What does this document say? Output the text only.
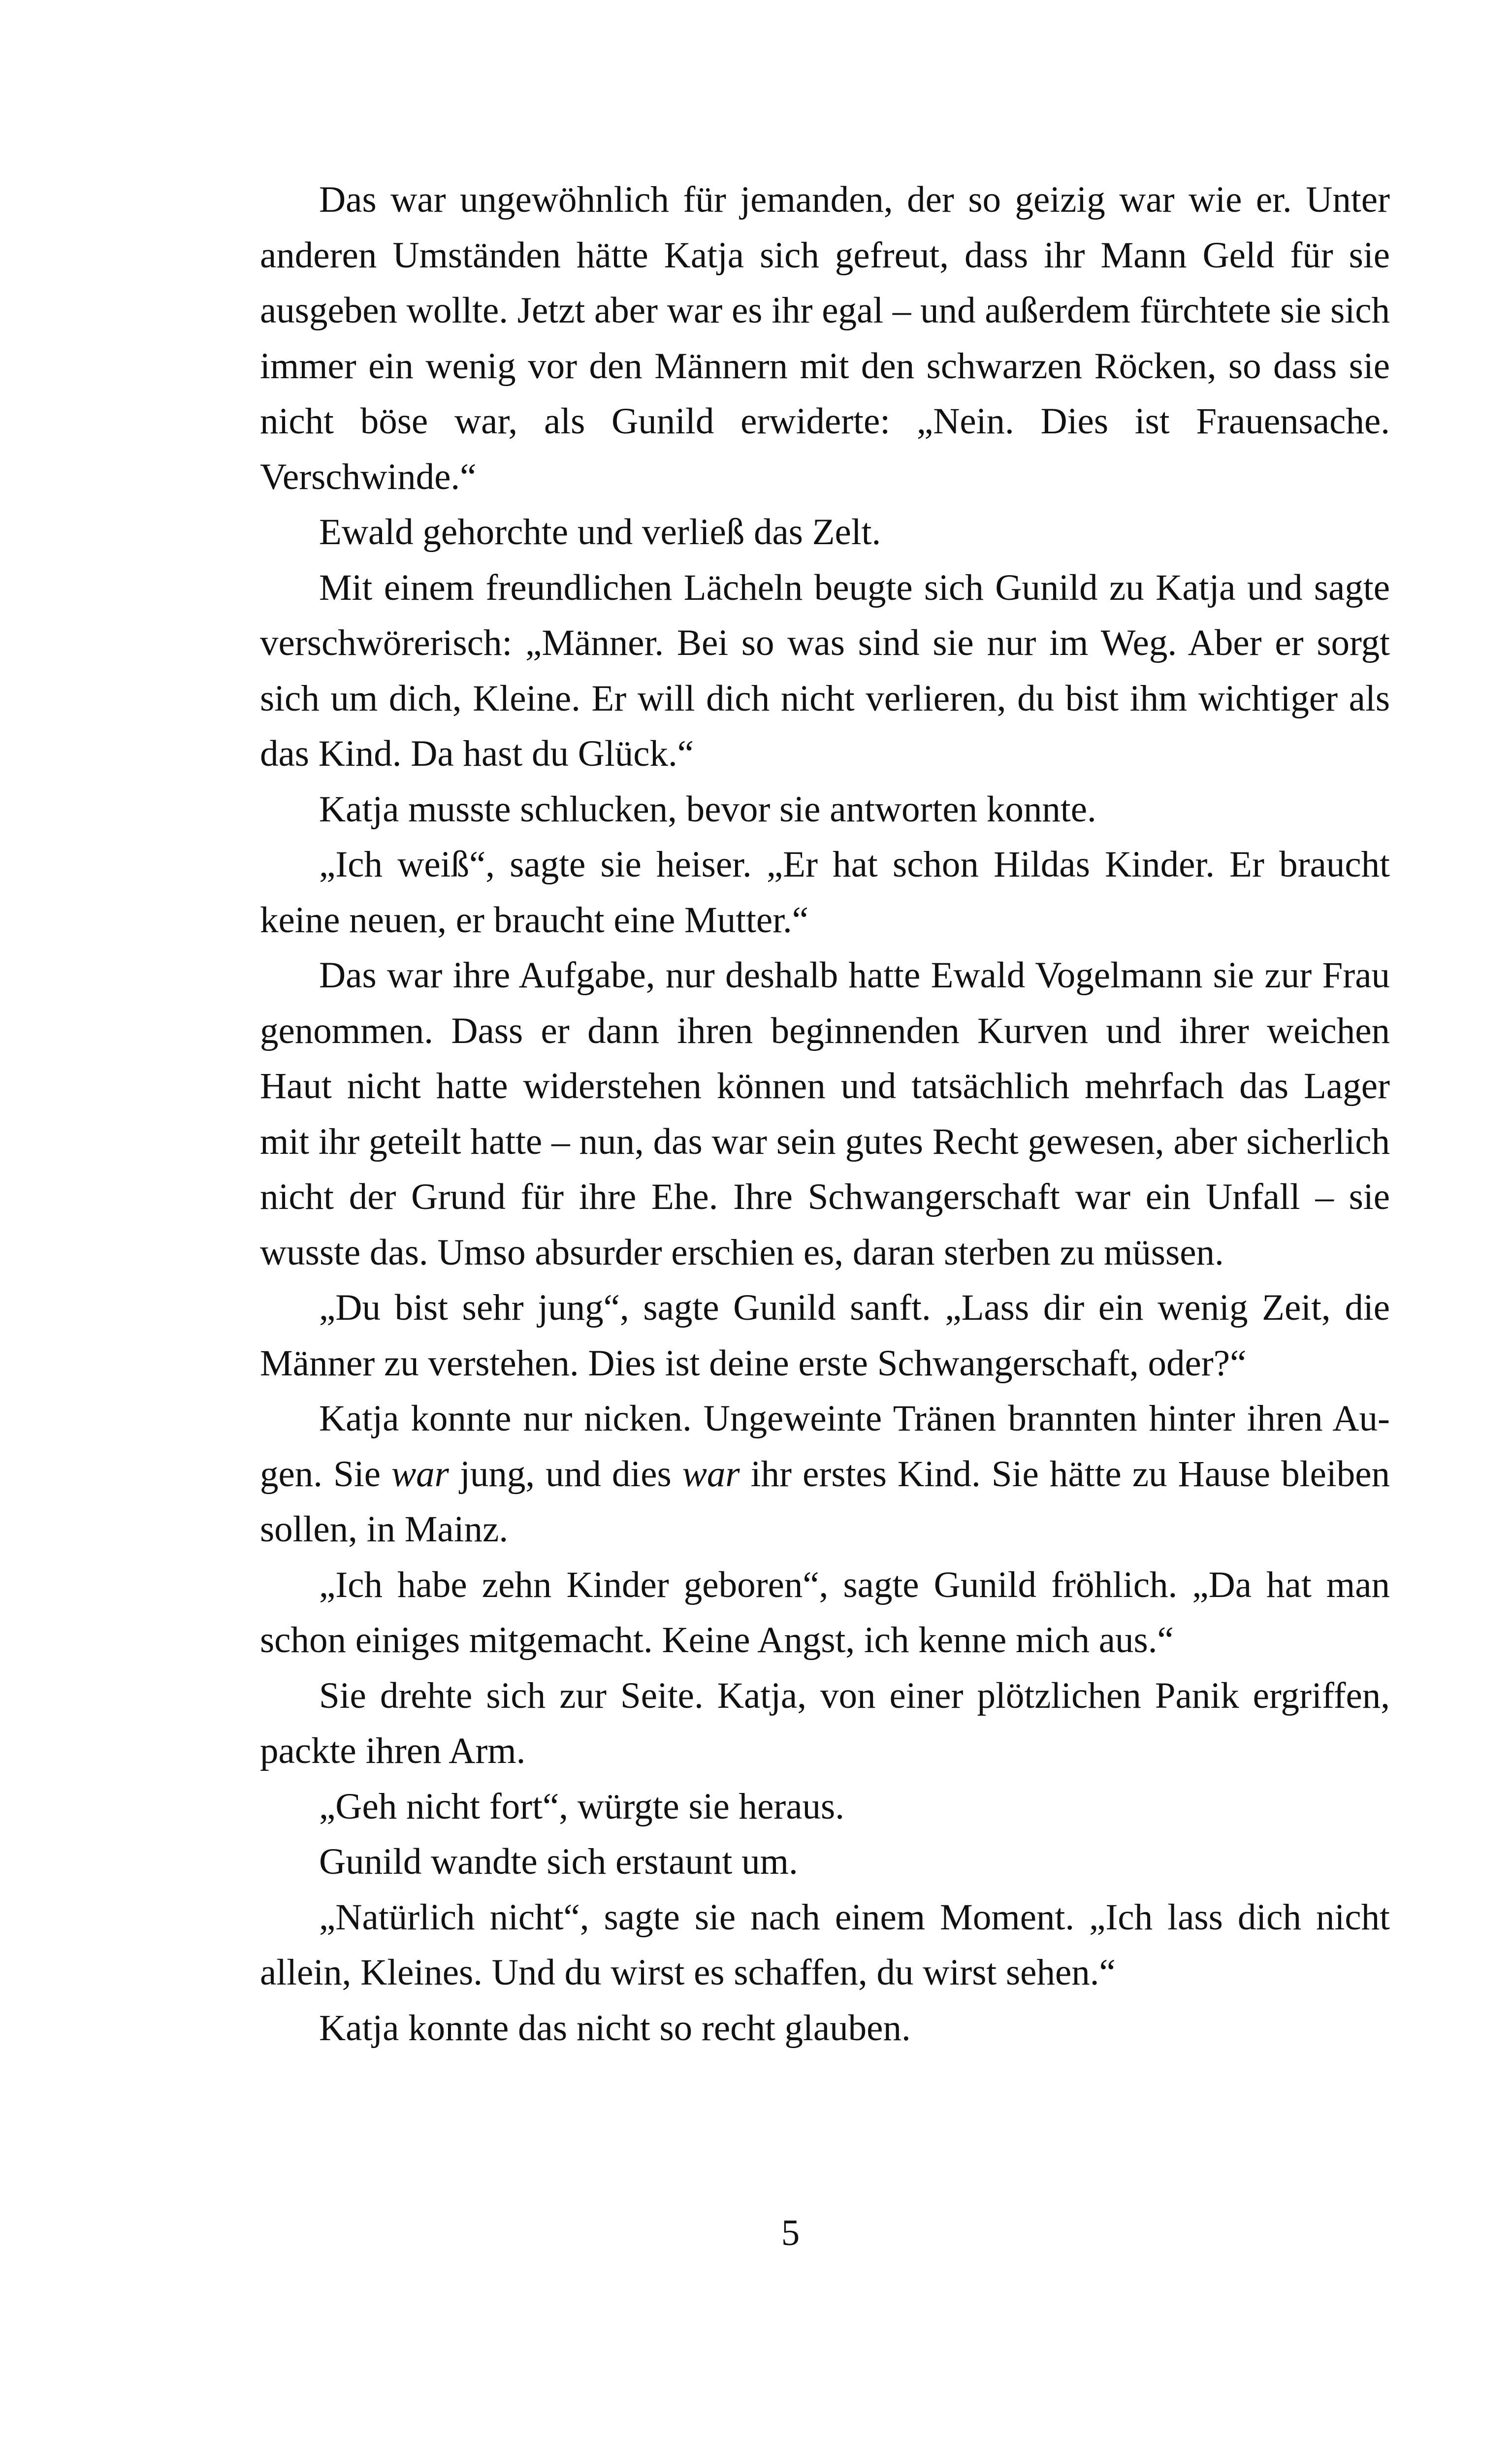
Das war ungewöhnlich für jemanden, der so geizig war wie er. Unter anderen Umständen hätte Katja sich gefreut, dass ihr Mann Geld für sie ausgeben wollte. Jetzt aber war es ihr egal – und außerdem fürchtete sie sich immer ein wenig vor den Männern mit den schwarzen Röcken, so dass sie nicht böse war, als Gunild erwiderte: „Nein. Dies ist Frauensache. Verschwinde.“

Ewald gehorchte und verließ das Zelt.

Mit einem freundlichen Lächeln beugte sich Gunild zu Katja und sagte verschwörerisch: „Männer. Bei so was sind sie nur im Weg. Aber er sorgt sich um dich, Kleine. Er will dich nicht verlieren, du bist ihm wichtiger als das Kind. Da hast du Glück.“

Katja musste schlucken, bevor sie antworten konnte.

„Ich weiß“, sagte sie heiser. „Er hat schon Hildas Kinder. Er braucht keine neuen, er braucht eine Mutter.“

Das war ihre Aufgabe, nur deshalb hatte Ewald Vogelmann sie zur Frau genommen. Dass er dann ihren beginnenden Kurven und ihrer weichen Haut nicht hatte widerstehen können und tatsächlich mehrfach das Lager mit ihr geteilt hatte – nun, das war sein gutes Recht gewesen, aber sicherlich nicht der Grund für ihre Ehe. Ihre Schwangerschaft war ein Unfall – sie wusste das. Umso absurder erschien es, daran sterben zu müssen.

„Du bist sehr jung“, sagte Gunild sanft. „Lass dir ein wenig Zeit, die Männer zu verstehen. Dies ist deine erste Schwangerschaft, oder?“

Katja konnte nur nicken. Ungeweinte Tränen brannten hinter ihren Augen. Sie war jung, und dies war ihr erstes Kind. Sie hätte zu Hause bleiben sollen, in Mainz.

„Ich habe zehn Kinder geboren“, sagte Gunild fröhlich. „Da hat man schon einiges mitgemacht. Keine Angst, ich kenne mich aus.“

Sie drehte sich zur Seite. Katja, von einer plötzlichen Panik ergriffen, packte ihren Arm.

„Geh nicht fort“, würgte sie heraus.

Gunild wandte sich erstaunt um.

„Natürlich nicht“, sagte sie nach einem Moment. „Ich lass dich nicht allein, Kleines. Und du wirst es schaffen, du wirst sehen.“

Katja konnte das nicht so recht glauben.

5
